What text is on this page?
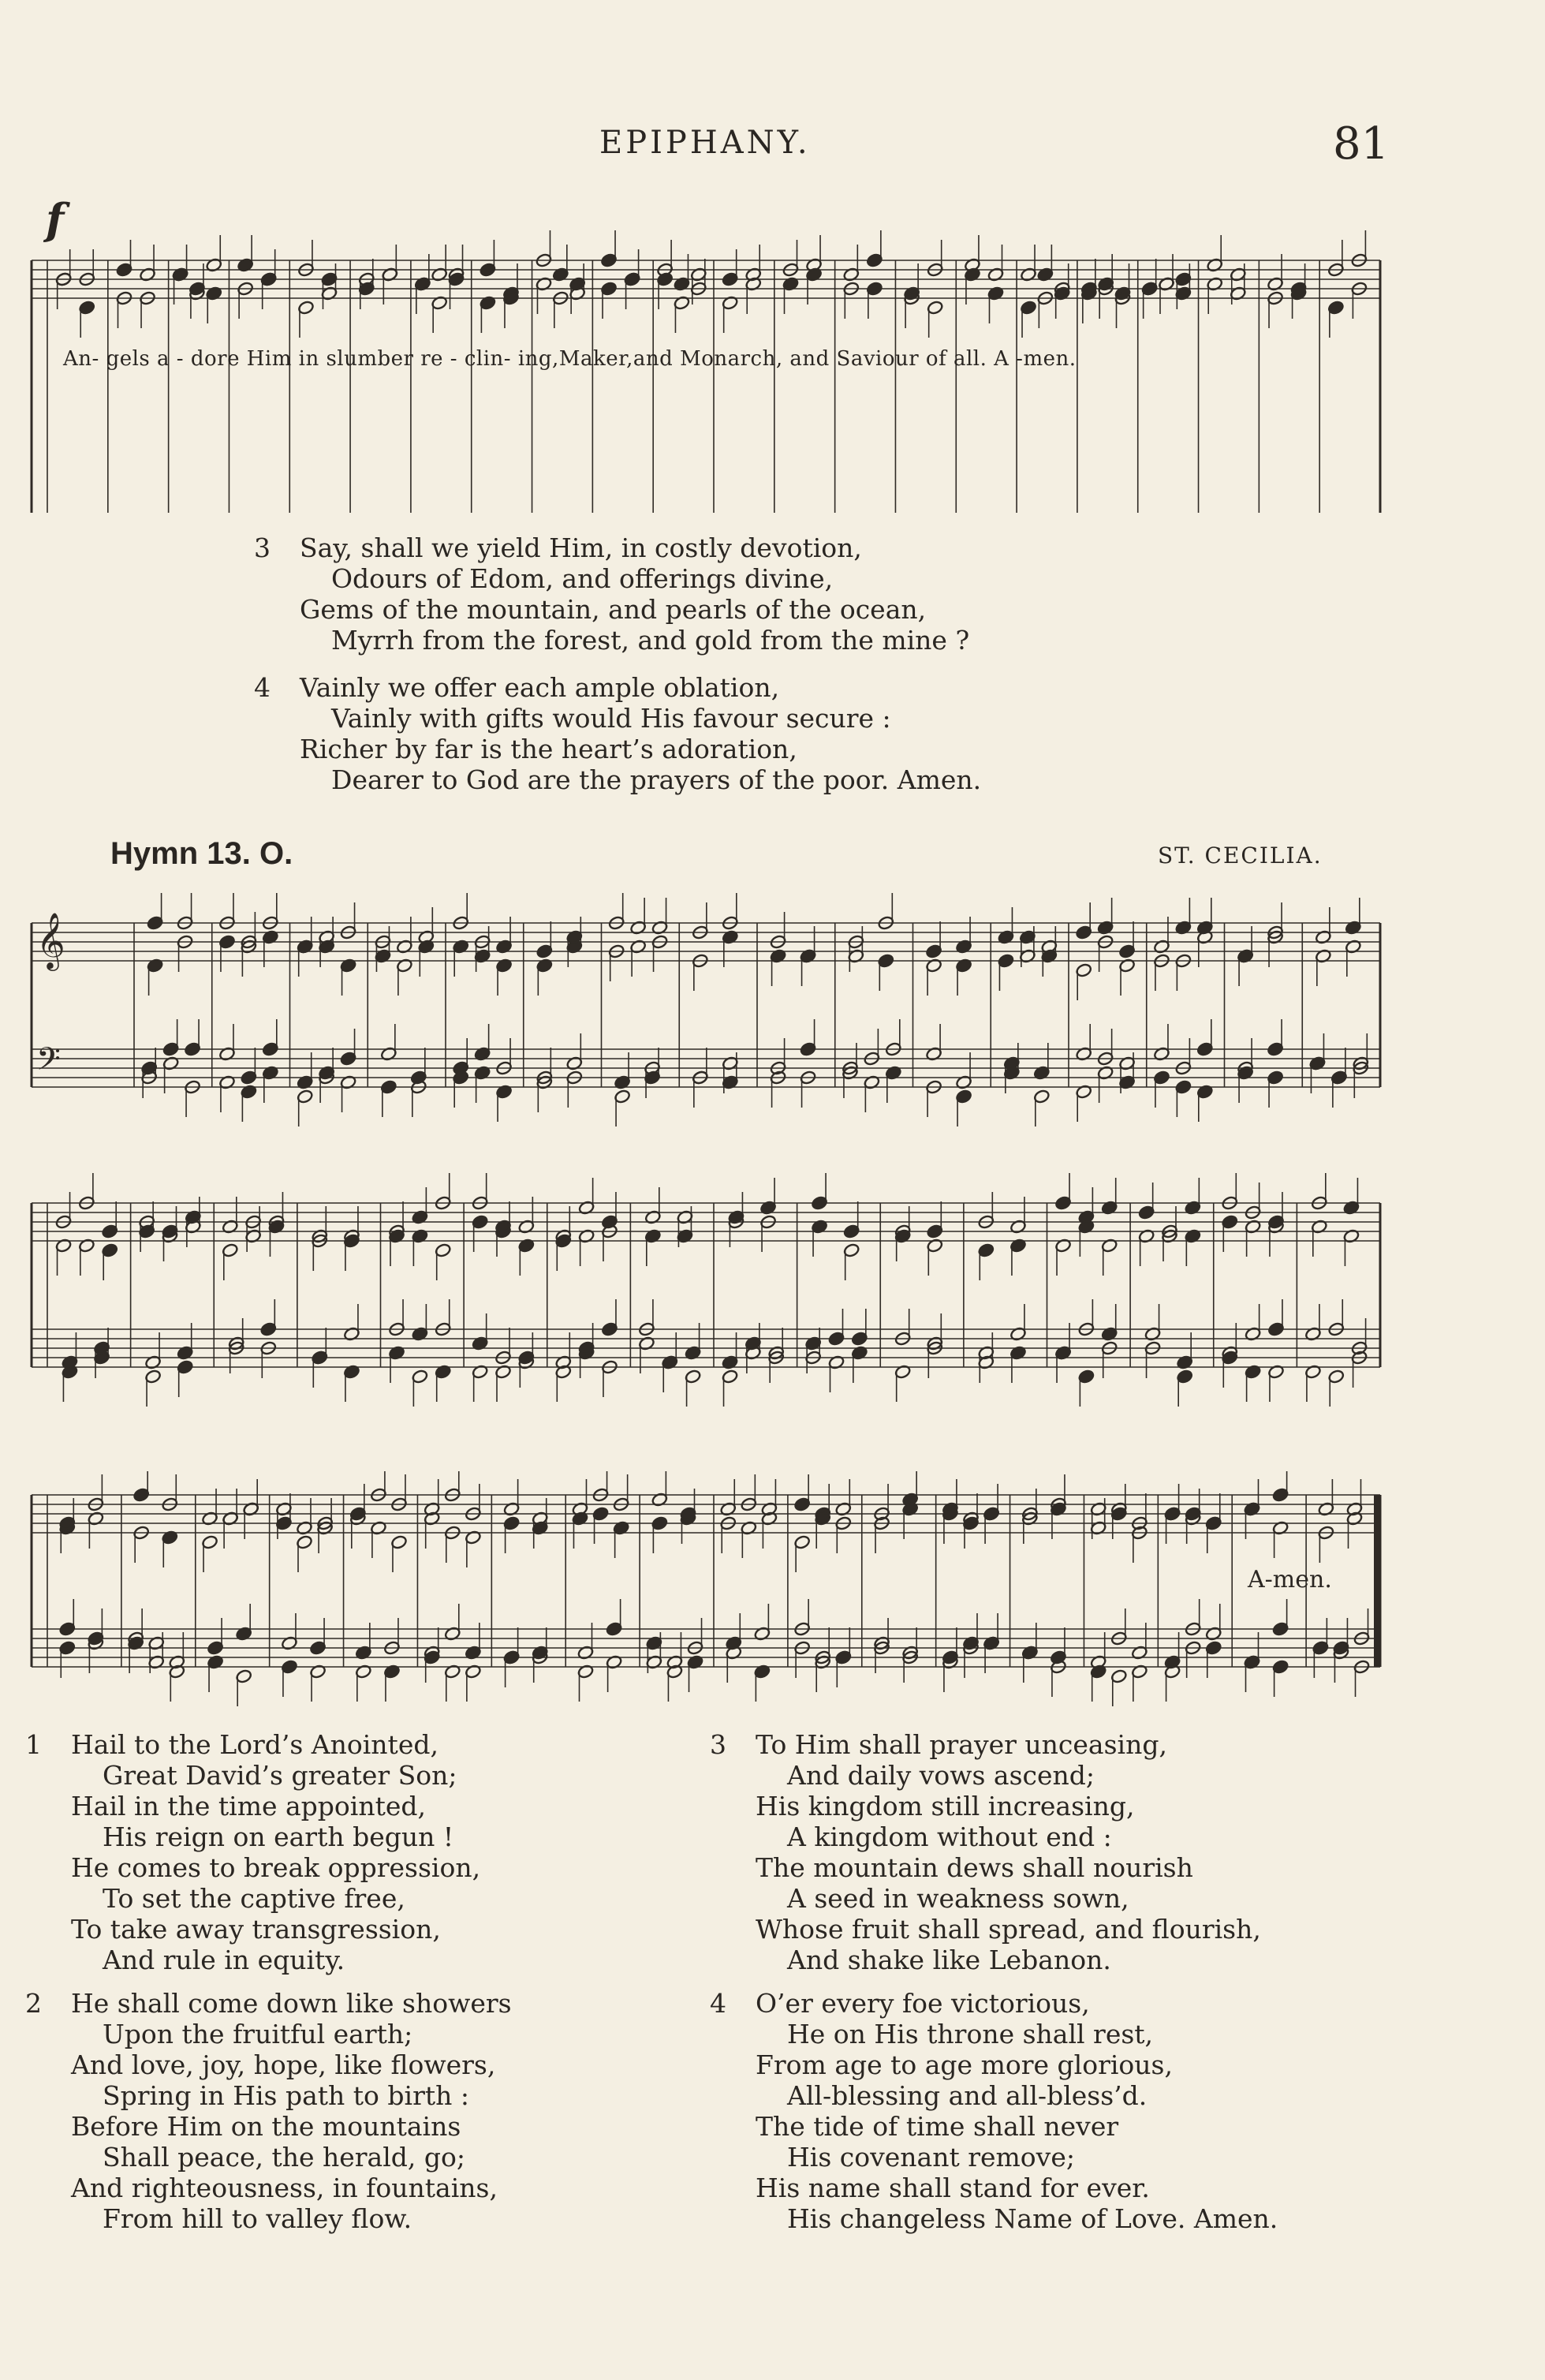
EPIPHANY.	81
f
An- gels a - dore Him in slumber re - clin- ing,Maker,and Monarch, and Saviour of all. A -men.
3 Say, shall we yield Him, in costly devotion,
Odours of Edom, and offerings divine,
Gems of the mountain, and pearls of the ocean,
Myrrh from the forest, and gold from the mine ?
4 Vainly we offer each ample oblation,
Vainly with gifts would His favour secure :
Richer by far is the heart’s adoration,
Dearer to God are the prayers of the poor. Amen.
Hymn 13. O.	ST. CECILIA.
𝄞
𝄢
A-men.
1 Hail to the Lord’s Anointed,
Great David’s greater Son;
Hail in the time appointed,
His reign on earth begun !
He comes to break oppression,
To set the captive free,
To take away transgression,
And rule in equity.
2 He shall come down like showers
Upon the fruitful earth;
And love, joy, hope, like flowers,
Spring in His path to birth :
Before Him on the mountains
Shall peace, the herald, go;
And righteousness, in fountains,
From hill to valley flow.
3 To Him shall prayer unceasing,
And daily vows ascend;
His kingdom still increasing,
A kingdom without end :
The mountain dews shall nourish
A seed in weakness sown,
Whose fruit shall spread, and flourish,
And shake like Lebanon.
4 O’er every foe victorious,
He on His throne shall rest,
From age to age more glorious,
All-blessing and all-bless’d.
The tide of time shall never
His covenant remove;
His name shall stand for ever.
His changeless Name of Love. Amen.
